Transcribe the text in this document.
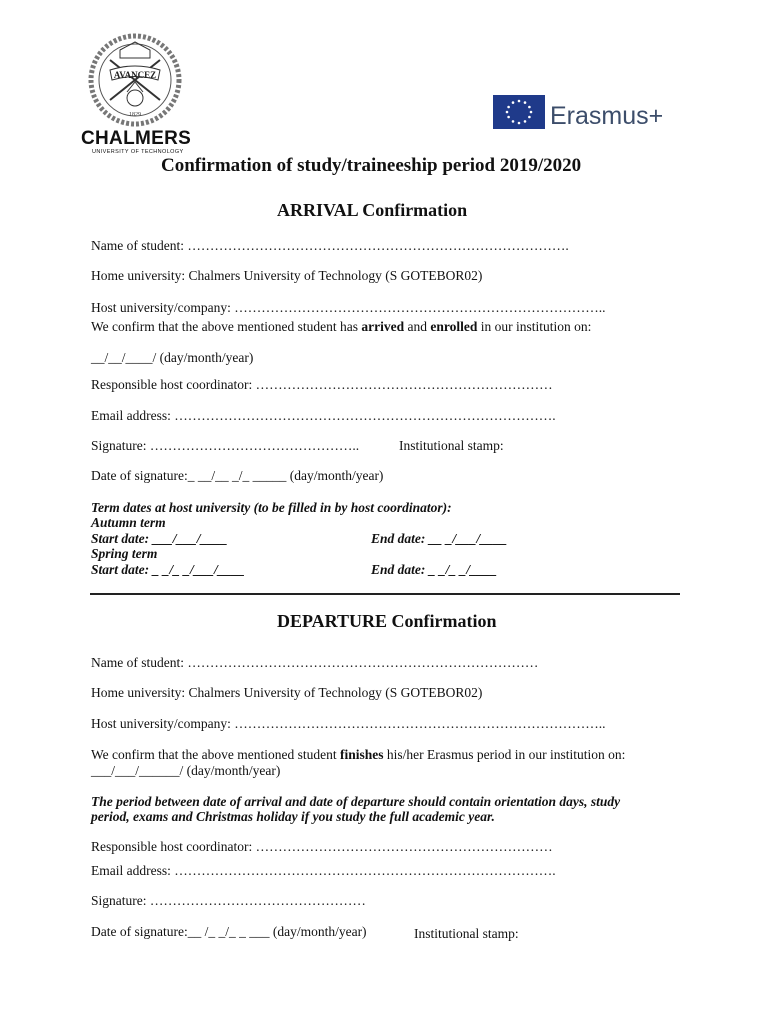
AVANCEZ
1829
CHALMERS
UNIVERSITY OF TECHNOLOGY
Erasmus+
Confirmation of study/traineeship period 2019/2020
ARRIVAL Confirmation
Name of student: ………………………………………………………………………….
Home university: Chalmers University of Technology (S GOTEBOR02)
Host university/company: ………………………………………………………………………..
We confirm that the above mentioned student has arrived and enrolled in our institution on:
__/__/____/ (day/month/year)
Responsible host coordinator: …………………………………………………………
Email address: ………………………………………………………………………….
Signature: ………………………………………..	Institutional stamp:
Date of signature:_ __/__ _/_ _____ (day/month/year)
Term dates at host university (to be filled in by host coordinator):
Autumn term
Start date: ___/___/____	End date: __ _/___/____
Spring term
Start date: _ _/_ _/___/____	End date: _ _/_ _/____
DEPARTURE Confirmation
Name of student: ……………………………………………………………………
Home university: Chalmers University of Technology (S GOTEBOR02)
Host university/company: ………………………………………………………………………..
We confirm that the above mentioned student finishes his/her Erasmus period in our institution on:
___/___/______/ (day/month/year)
The period between date of arrival and date of departure should contain orientation days, study
period, exams and Christmas holiday if you study the full academic year.
Responsible host coordinator: …………………………………………………………
Email address: ………………………………………………………………………….
Signature: …………………………………………
Date of signature:__ /_ _/_ _ ___ (day/month/year)	Institutional stamp:
